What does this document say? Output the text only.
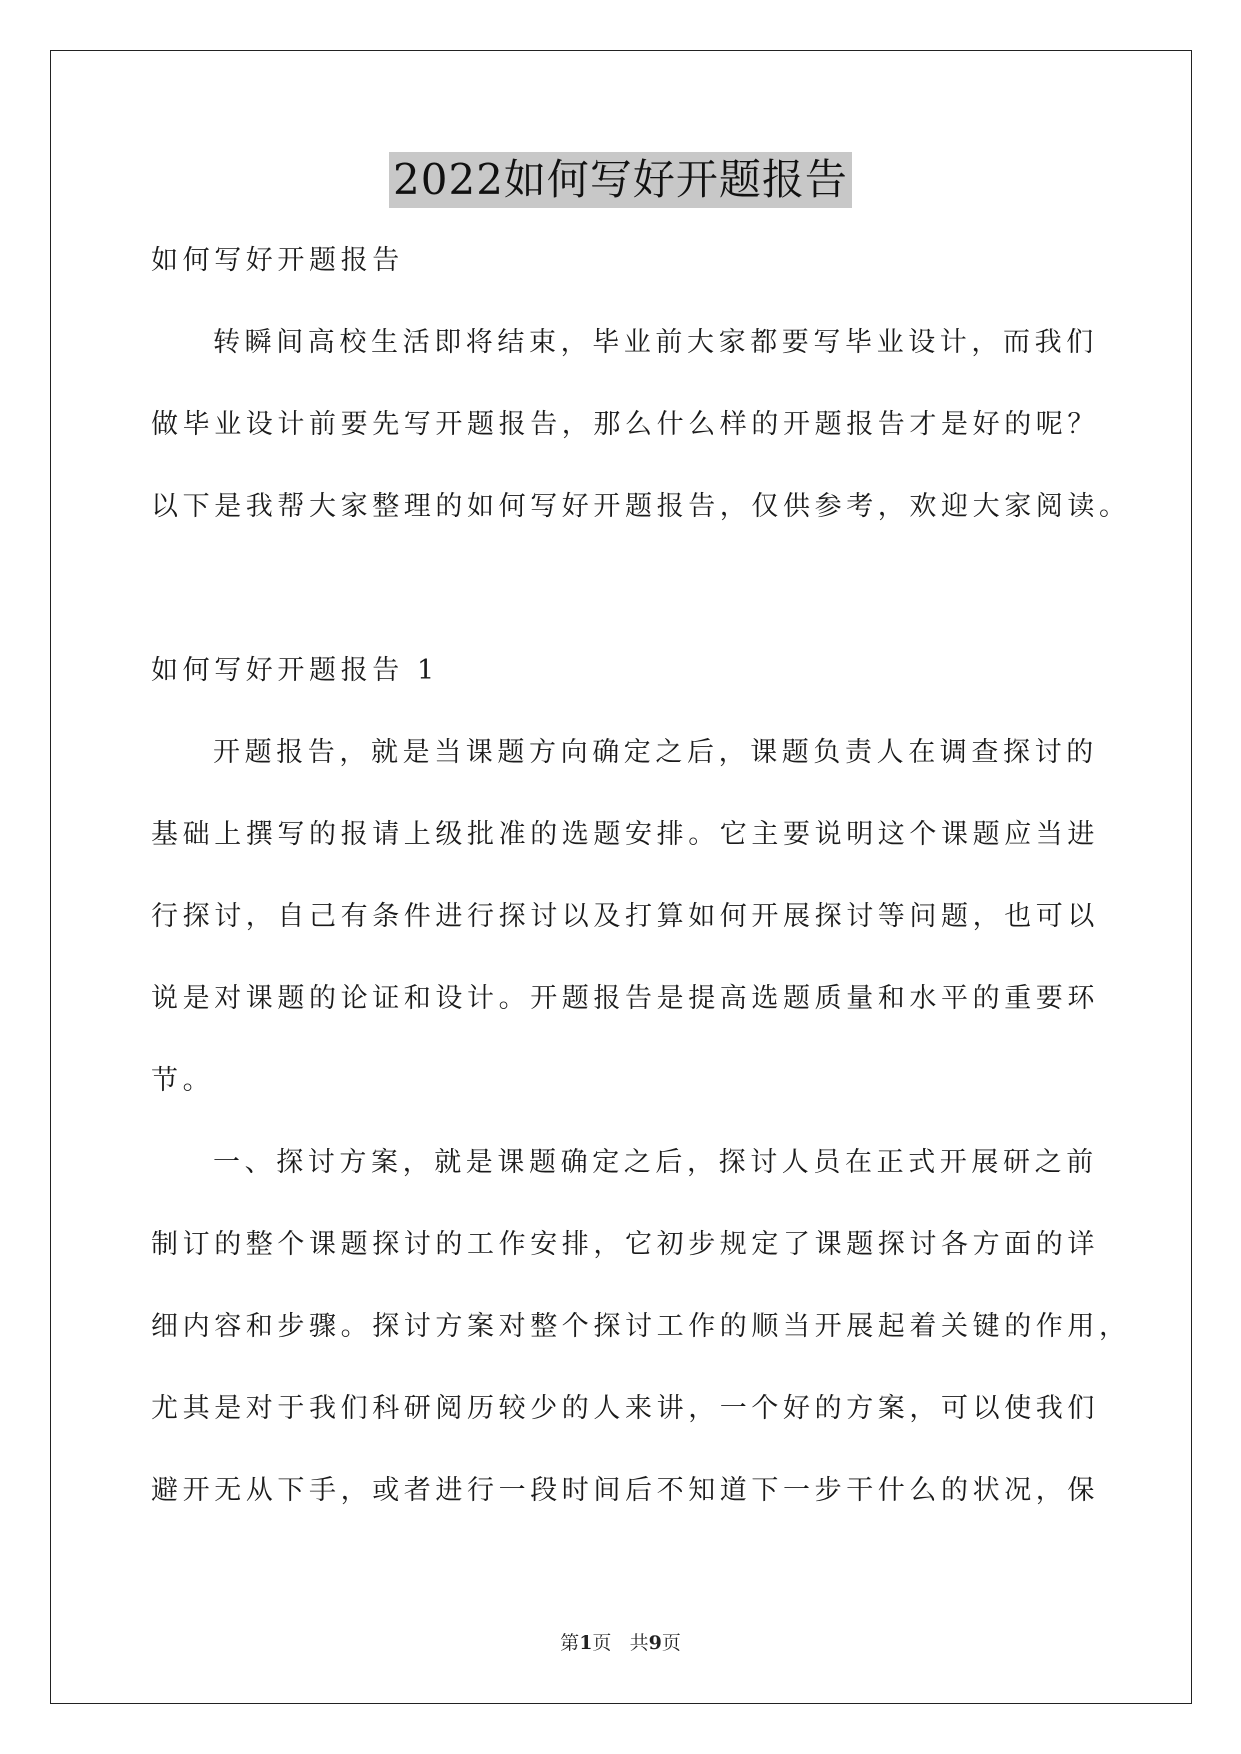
2022如何写好开题报告
如何写好开题报告
转瞬间高校生活即将结束，毕业前大家都要写毕业设计，而我们
做毕业设计前要先写开题报告，那么什么样的开题报告才是好的呢？
以下是我帮大家整理的如何写好开题报告，仅供参考，欢迎大家阅读。
如何写好开题报告 1
开题报告，就是当课题方向确定之后，课题负责人在调查探讨的
基础上撰写的报请上级批准的选题安排。它主要说明这个课题应当进
行探讨，自己有条件进行探讨以及打算如何开展探讨等问题，也可以
说是对课题的论证和设计。开题报告是提高选题质量和水平的重要环
节。
一、探讨方案，就是课题确定之后，探讨人员在正式开展研之前
制订的整个课题探讨的工作安排，它初步规定了课题探讨各方面的详
细内容和步骤。探讨方案对整个探讨工作的顺当开展起着关键的作用，
尤其是对于我们科研阅历较少的人来讲，一个好的方案，可以使我们
避开无从下手，或者进行一段时间后不知道下一步干什么的状况，保
第1页 共9页
